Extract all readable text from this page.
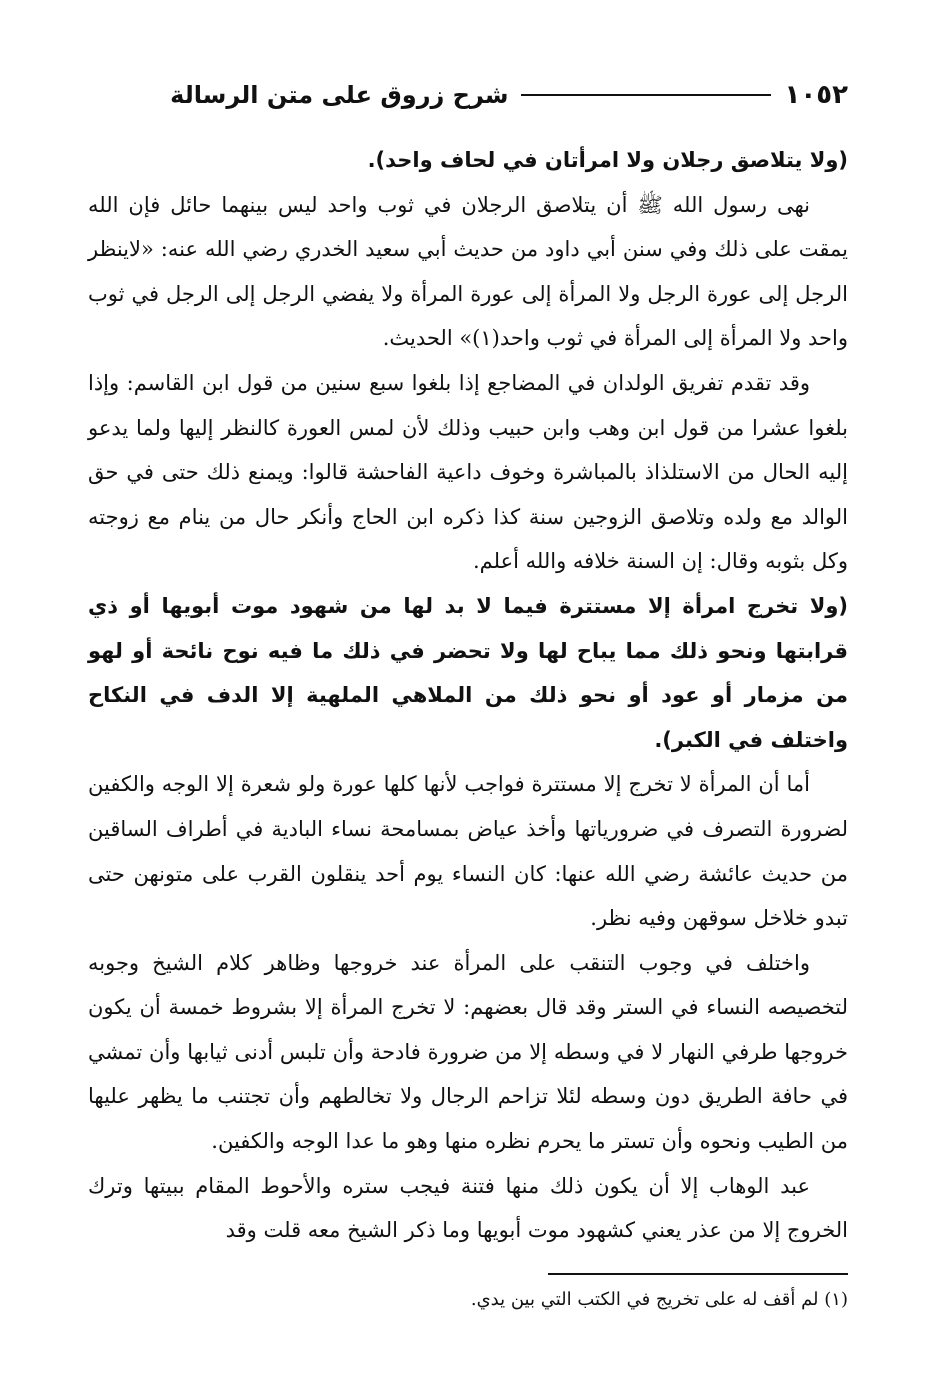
١٠٥٢
شرح زروق على متن الرسالة

(ولا يتلاصق رجلان ولا امرأتان في لحاف واحد).

نهى رسول الله ﷺ أن يتلاصق الرجلان في ثوب واحد ليس بينهما حائل فإن الله يمقت على ذلك وفي سنن أبي داود من حديث أبي سعيد الخدري رضي الله عنه: «لاينظر الرجل إلى عورة الرجل ولا المرأة إلى عورة المرأة ولا يفضي الرجل إلى الرجل في ثوب واحد ولا المرأة إلى المرأة في ثوب واحد(١)» الحديث.

وقد تقدم تفريق الولدان في المضاجع إذا بلغوا سبع سنين من قول ابن القاسم: وإذا بلغوا عشرا من قول ابن وهب وابن حبيب وذلك لأن لمس العورة كالنظر إليها ولما يدعو إليه الحال من الاستلذاذ بالمباشرة وخوف داعية الفاحشة قالوا: ويمنع ذلك حتى في حق الوالد مع ولده وتلاصق الزوجين سنة كذا ذكره ابن الحاج وأنكر حال من ينام مع زوجته وكل بثوبه وقال: إن السنة خلافه والله أعلم.

(ولا تخرج امرأة إلا مستترة فيما لا بد لها من شهود موت أبويها أو ذي قرابتها ونحو ذلك مما يباح لها ولا تحضر في ذلك ما فيه نوح نائحة أو لهو من مزمار أو عود أو نحو ذلك من الملاهي الملهية إلا الدف في النكاح واختلف في الكبر).

أما أن المرأة لا تخرج إلا مستترة فواجب لأنها كلها عورة ولو شعرة إلا الوجه والكفين لضرورة التصرف في ضرورياتها وأخذ عياض بمسامحة نساء البادية في أطراف الساقين من حديث عائشة رضي الله عنها: كان النساء يوم أحد ينقلون القرب على متونهن حتى تبدو خلاخل سوقهن وفيه نظر.

واختلف في وجوب التنقب على المرأة عند خروجها وظاهر كلام الشيخ وجوبه لتخصيصه النساء في الستر وقد قال بعضهم: لا تخرج المرأة إلا بشروط خمسة أن يكون خروجها طرفي النهار لا في وسطه إلا من ضرورة فادحة وأن تلبس أدنى ثيابها وأن تمشي في حافة الطريق دون وسطه لئلا تزاحم الرجال ولا تخالطهم وأن تجتنب ما يظهر عليها من الطيب ونحوه وأن تستر ما يحرم نظره منها وهو ما عدا الوجه والكفين.

عبد الوهاب إلا أن يكون ذلك منها فتنة فيجب ستره والأحوط المقام ببيتها وترك الخروج إلا من عذر يعني كشهود موت أبويها وما ذكر الشيخ معه قلت وقد

(١) لم أقف له على تخريج في الكتب التي بين يدي.
